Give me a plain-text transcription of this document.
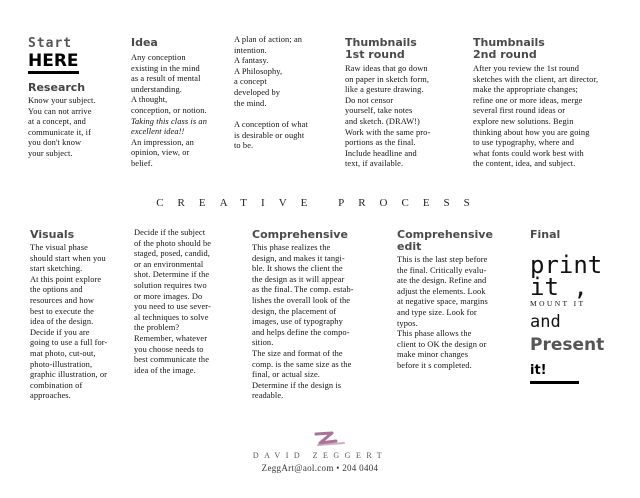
Start
HERE
Research
Know your subject.
You can not arrive
at a concept, and
communicate it, if
you don't know
your subject.
Idea
Any conception
existing in the mind
as a result of mental
understanding.
A thought,
conception, or notion.
Taking this class is an
excellent idea!!
An impression, an
opinion, view, or
belief.
A plan of action; an
intention.
A fantasy.
A Philosophy,
a concept
developed by
the mind.
A conception of what
is desirable or ought
to be.
Thumbnails
1st round
Raw ideas that go down
on paper in sketch form,
like a gesture drawing.
Do not censor
yourself, take notes
and sketch. (DRAW!)
Work with the same pro-
portions as the final.
Include headline and
text, if available.
Thumbnails
2nd round
After you review the 1st round
sketches with the client, art director,
make the appropriate changes;
refine one or more ideas, merge
several first round ideas or
explore new solutions. Begin
thinking about how you are going
to use typography, where and
what fonts could work best with
the content, idea, and subject.
CREATIVE PROCESS
Visuals
The visual phase
should start when you
start sketching.
At this point explore
the options and
resources and how
best to execute the
idea of the design.
Decide if you are
going to use a full for-
mat photo, cut-out,
photo-illustration,
graphic illustration, or
combination of
approaches.
Decide if the subject
of the photo should be
staged, posed, candid,
or an environmental
shot. Determine if the
solution requires two
or more images. Do
you need to use sever-
al techniques to solve
the problem?
Remember, whatever
you choose needs to
best communicate the
idea of the image.
Comprehensive
This phase realizes the
design, and makes it tangi-
ble. It shows the client the
the design as it will appear
as the final. The comp. estab-
lishes the overall look of the
design, the placement of
images, use of typography
and helps define the compo-
sition.
The size and format of the
comp. is the same size as the
final, or actual size.
Determine if the design is
readable.
Comprehensive
edit
This is the last step before
the final. Critically evalu-
ate the design. Refine and
adjust the elements. Look
at negative space, margins
and type size. Look for
typos.
This phase allows the
client to OK the design or
make minor changes
before it s completed.
Final
print
it ,
MOUNT IT
and
Present
it!
DAVID ZEGGERT
ZeggArt@aol.com • 204 0404
